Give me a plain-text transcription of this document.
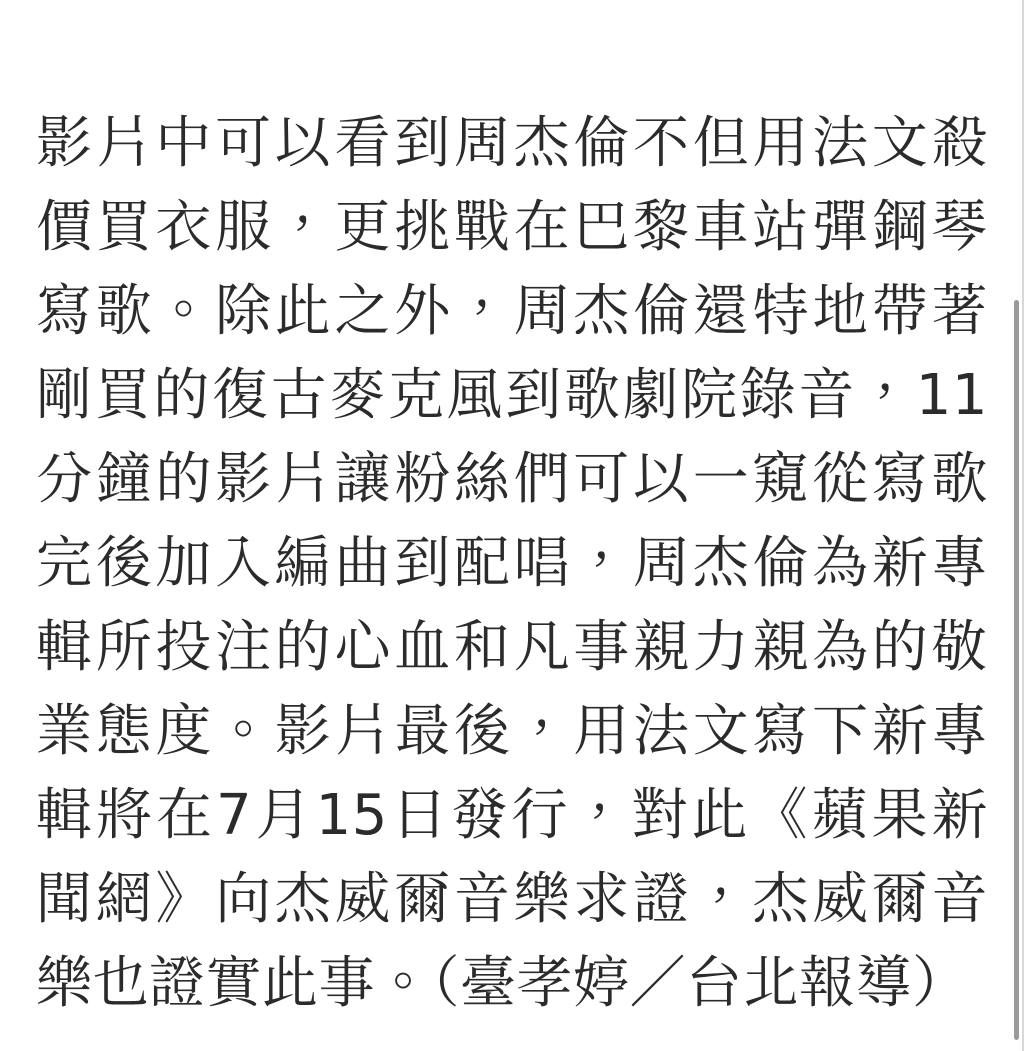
影片中可以看到周杰倫不但用法文殺價買衣服，更挑戰在巴黎車站彈鋼琴寫歌。除此之外，周杰倫還特地帶著剛買的復古麥克風到歌劇院錄音，11分鐘的影片讓粉絲們可以一窺從寫歌完後加入編曲到配唱，周杰倫為新專輯所投注的心血和凡事親力親為的敬業態度。影片最後，用法文寫下新專輯將在7月15日發行，對此《蘋果新聞網》向杰威爾音樂求證，杰威爾音樂也證實此事。（臺孝婷／台北報導）
